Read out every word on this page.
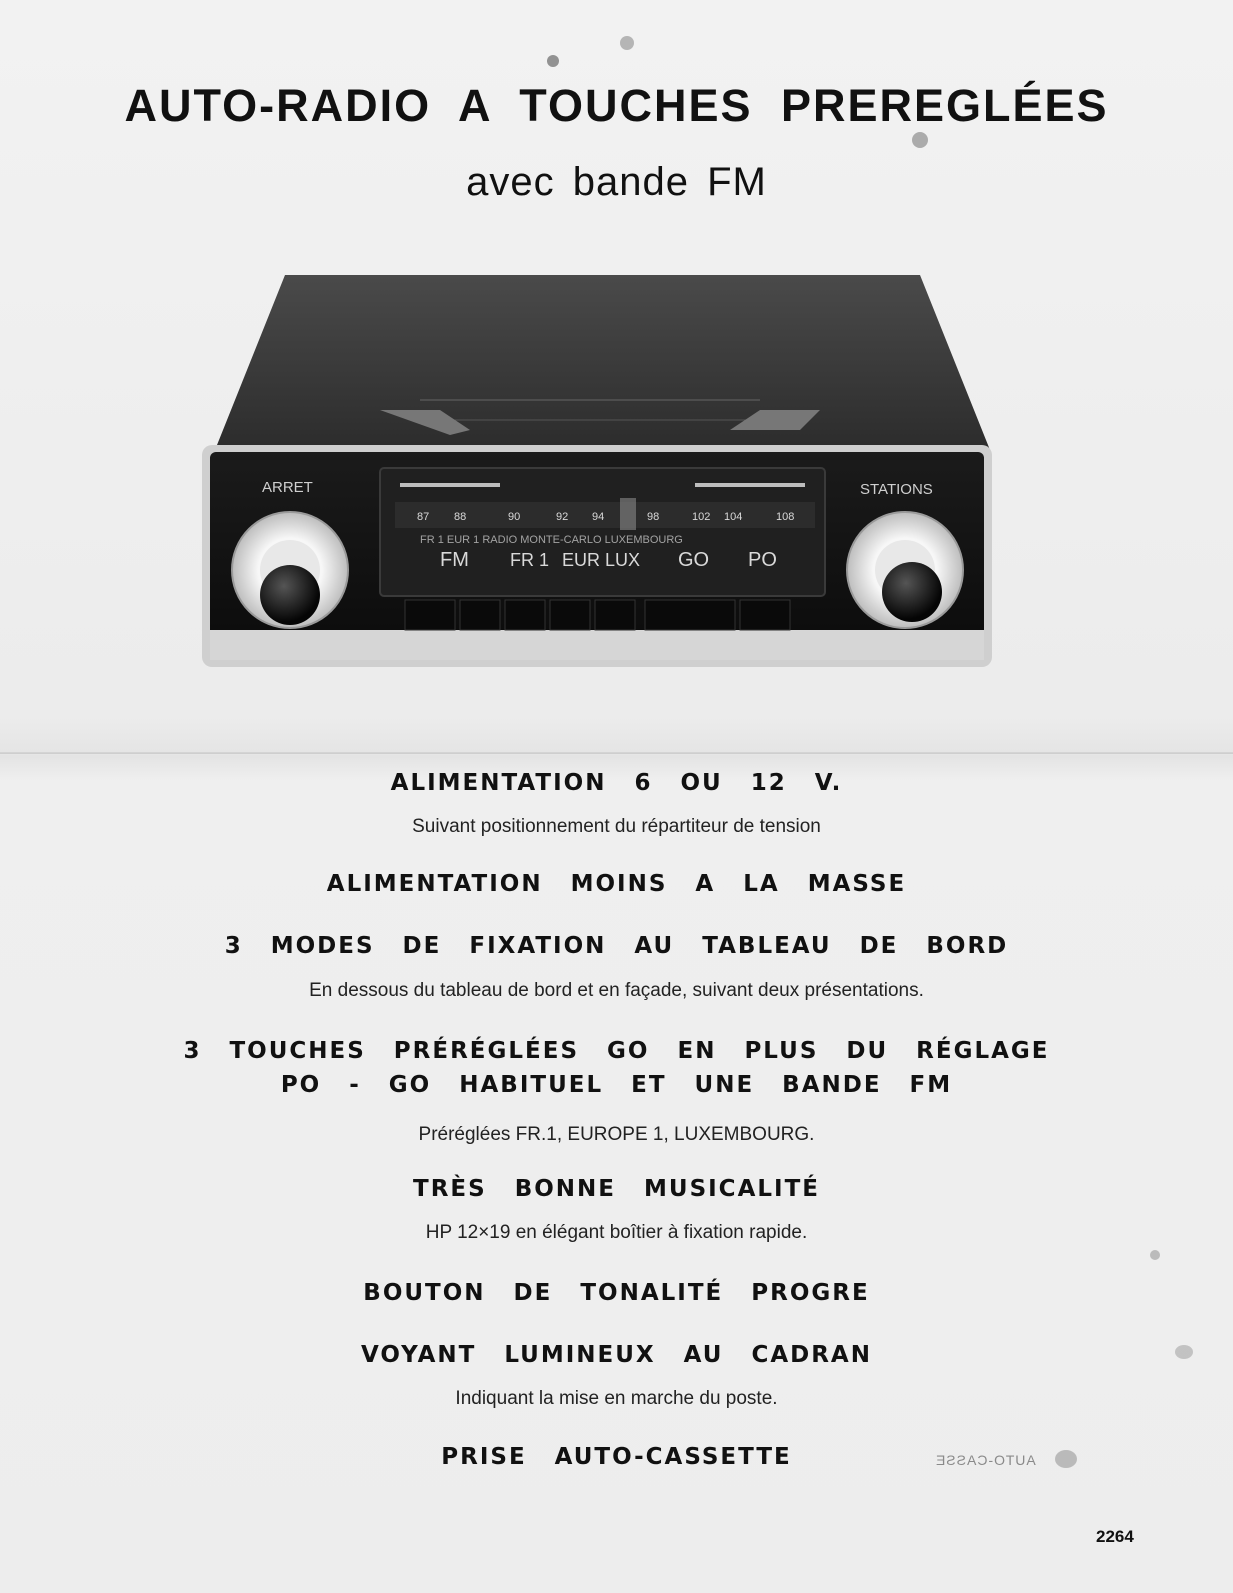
AUTO-RADIO A TOUCHES PREREGLÉES
avec bande FM
87 88	90	92 94	98	102 104	108
FR 1 EUR 1 RADIO MONTE-CARLO LUXEMBOURG
FM FR 1 EUR LUX GO PO
ARRET	STATIONS
ALIMENTATION 6 OU 12 V.
Suivant positionnement du répartiteur de tension
ALIMENTATION MOINS A LA MASSE
3 MODES DE FIXATION AU TABLEAU DE BORD
En dessous du tableau de bord et en façade, suivant deux présentations.
3 TOUCHES PRÉRÉGLÉES GO EN PLUS DU RÉGLAGE
PO - GO HABITUEL ET UNE BANDE FM
Préréglées FR.1, EUROPE 1, LUXEMBOURG.
TRÈS BONNE MUSICALITÉ
HP 12×19 en élégant boîtier à fixation rapide.
BOUTON DE TONALITÉ PROGRE
VOYANT LUMINEUX AU CADRAN
Indiquant la mise en marche du poste.
PRISE AUTO-CASSETTE	AUTO-CASSE
2264
